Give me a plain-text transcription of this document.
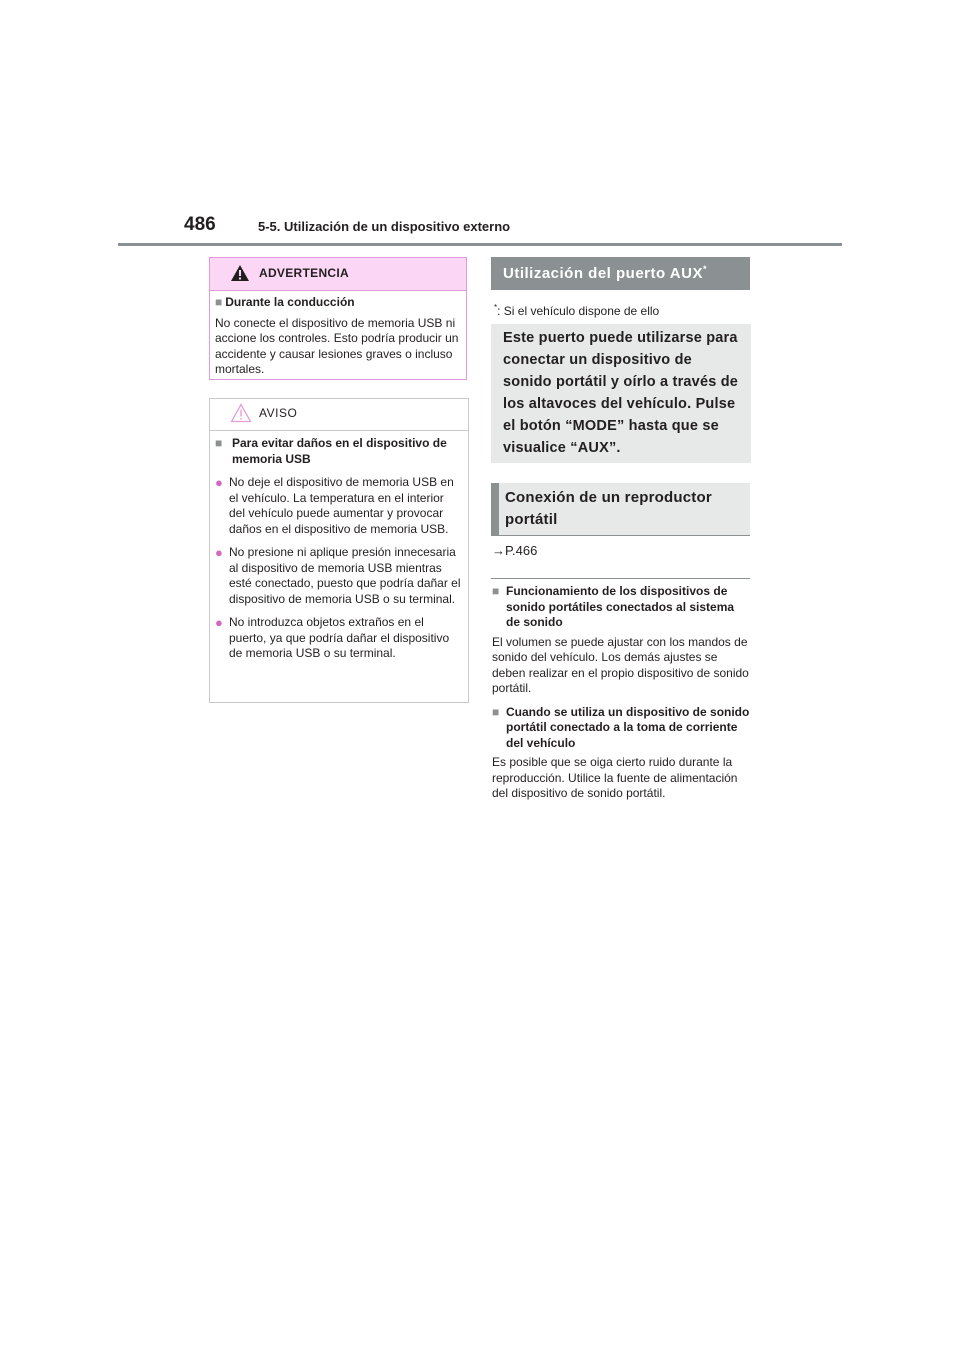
486	5-5. Utilización de un dispositivo externo
ADVERTENCIA
■ Durante la conducción
No conecte el dispositivo de memoria USB ni accione los controles. Esto podría producir un accidente y causar lesiones graves o incluso mortales.
AVISO
■ Para evitar daños en el dispositivo de memoria USB
● No deje el dispositivo de memoria USB en el vehículo. La temperatura en el interior del vehículo puede aumentar y provocar daños en el dispositivo de memoria USB.
● No presione ni aplique presión innecesaria al dispositivo de memoria USB mientras esté conectado, puesto que podría dañar el dispositivo de memoria USB o su terminal.
● No introduzca objetos extraños en el puerto, ya que podría dañar el dispositivo de memoria USB o su terminal.
Utilización del puerto AUX*
*: Si el vehículo dispone de ello
Este puerto puede utilizarse para conectar un dispositivo de sonido portátil y oírlo a través de los altavoces del vehículo. Pulse el botón “MODE” hasta que se visualice “AUX”.
Conexión de un reproductor portátil
→P.466
■ Funcionamiento de los dispositivos de sonido portátiles conectados al sistema de sonido
El volumen se puede ajustar con los mandos de sonido del vehículo. Los demás ajustes se deben realizar en el propio dispositivo de sonido portátil.
■ Cuando se utiliza un dispositivo de sonido portátil conectado a la toma de corriente del vehículo
Es posible que se oiga cierto ruido durante la reproducción. Utilice la fuente de alimentación del dispositivo de sonido portátil.
